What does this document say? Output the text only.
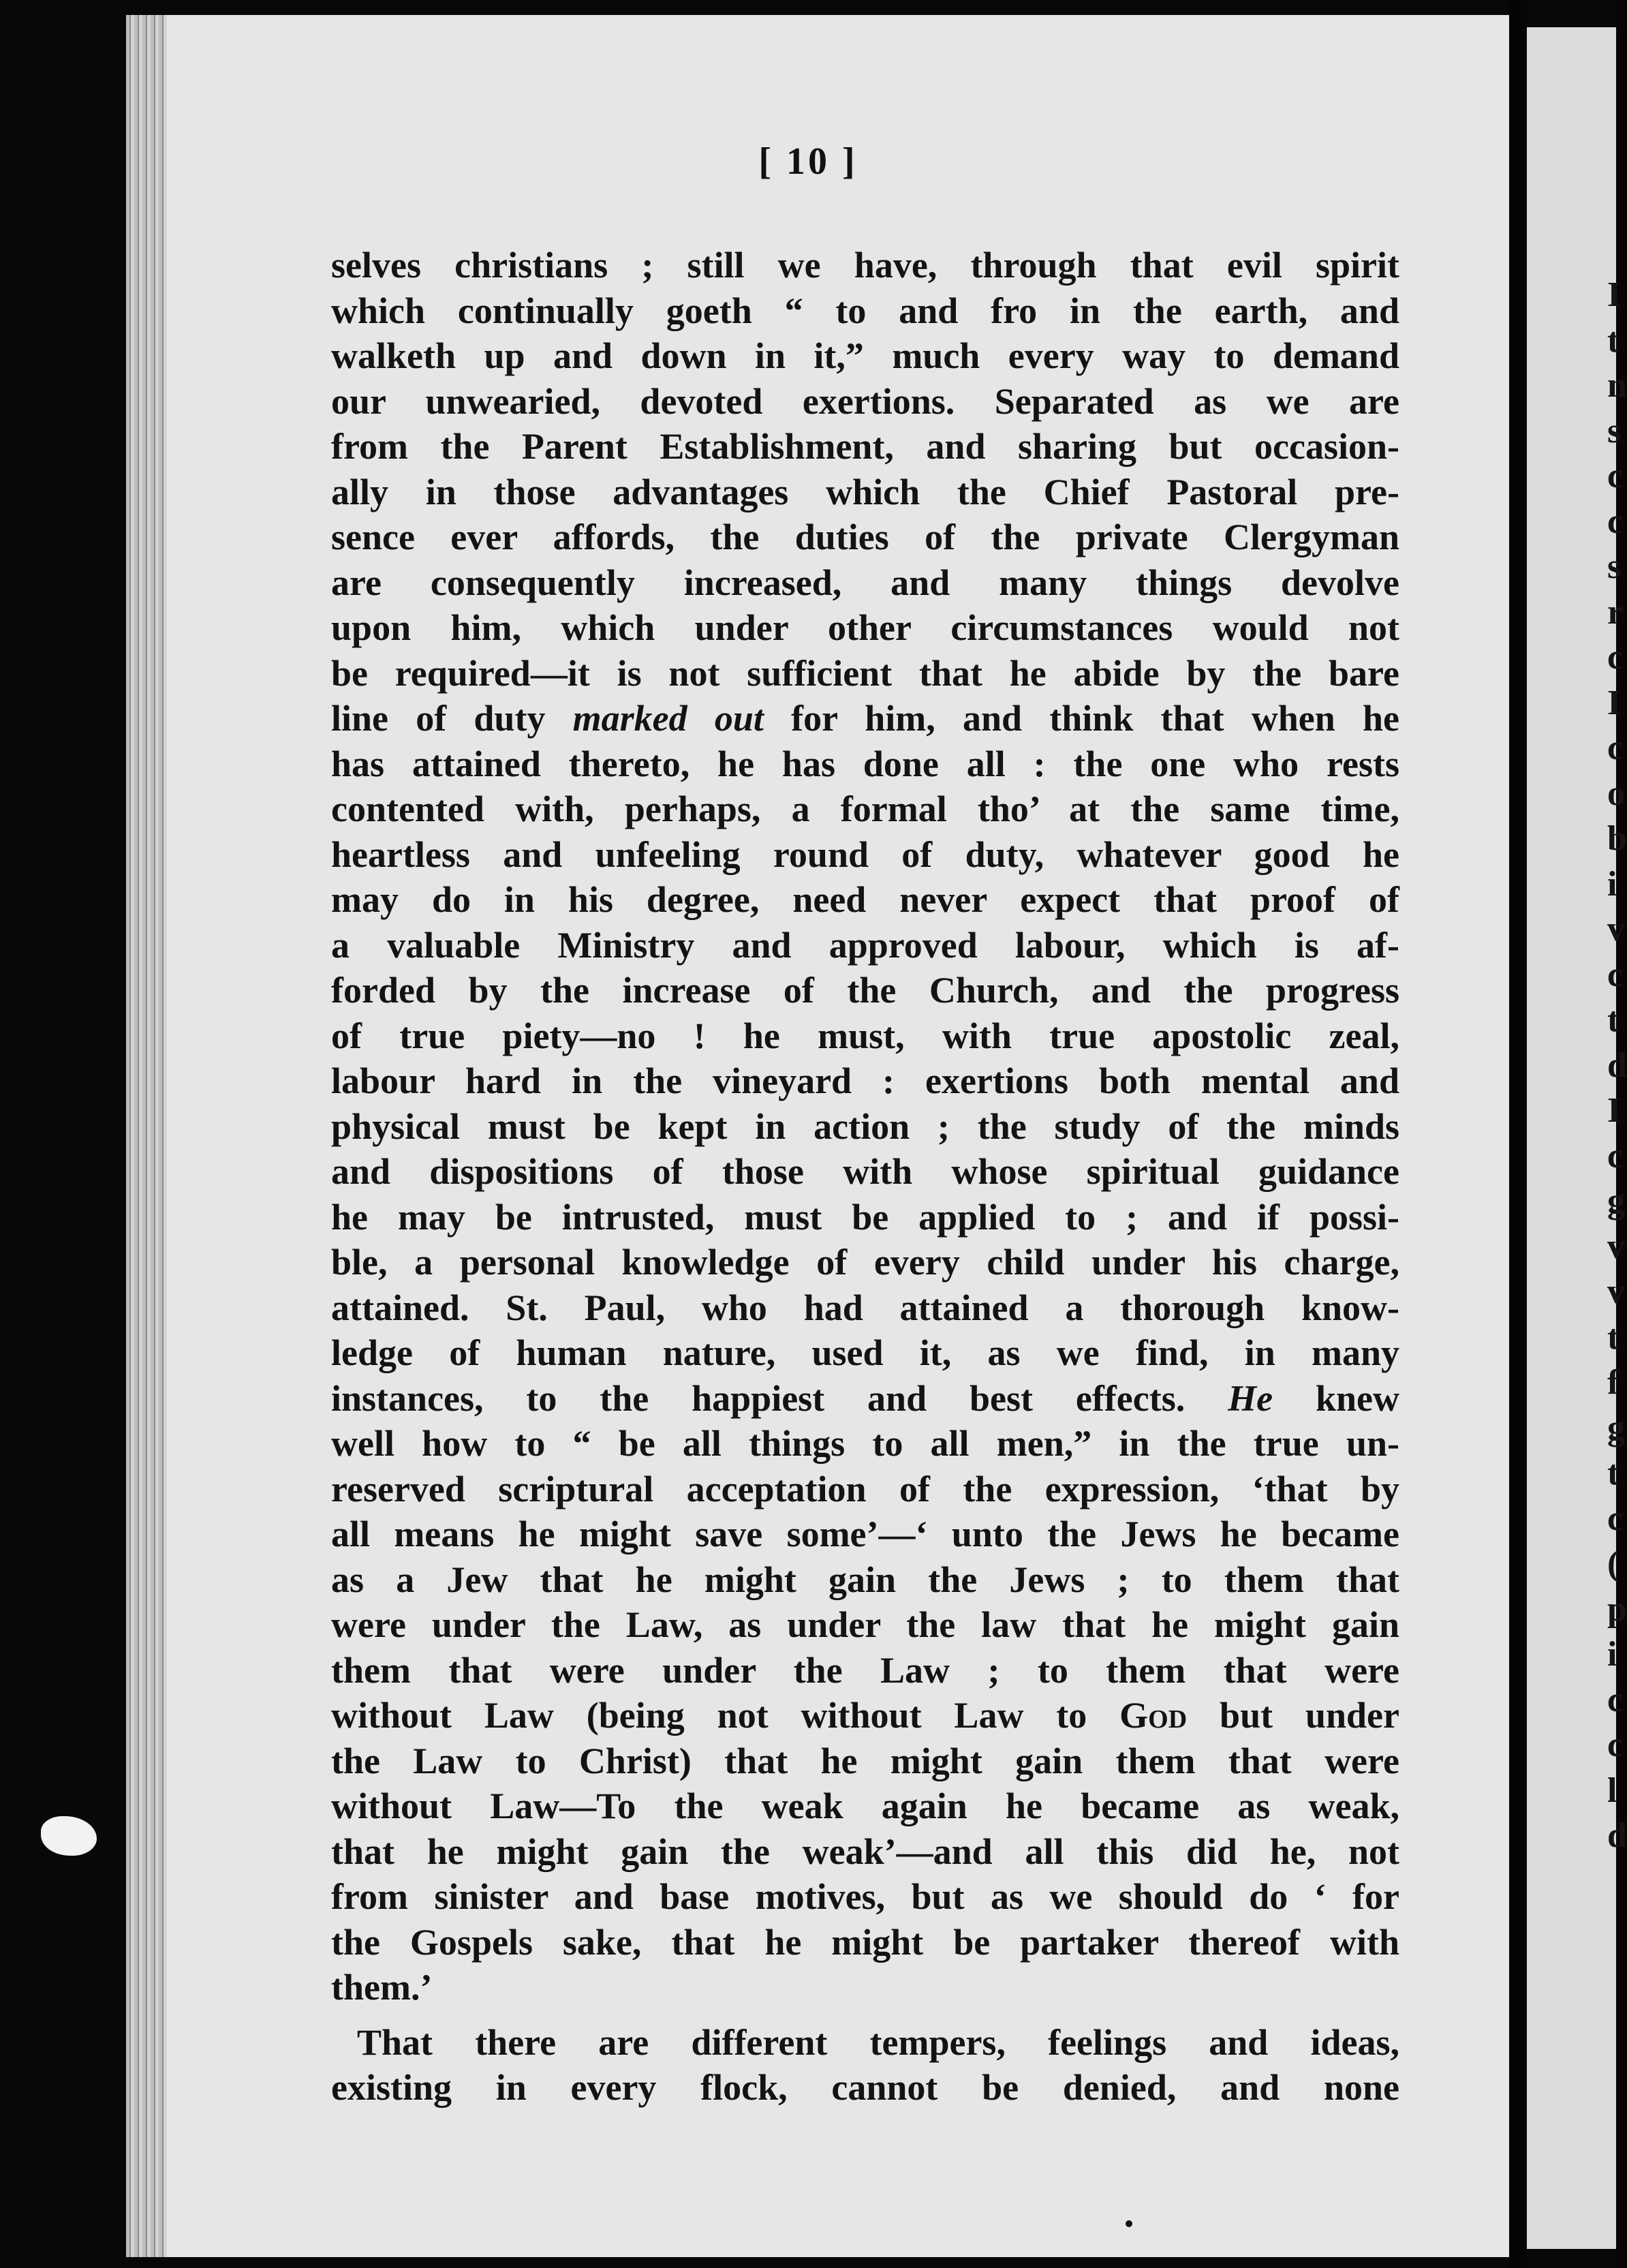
I
t
n
s
c
c
s
r
c
I
c
o
b
i
v
c
t
d
I
c
g
v
v
t
f
g
t
c
(
p
i
c
c
l
d
[ 10 ]
selves christians ; still we have, through that evil spirit
which continually goeth “ to and fro in the earth, and
walketh up and down in it,” much every way to demand
our unwearied, devoted exertions. Separated as we are
from the Parent Establishment, and sharing but occasion-
ally in those advantages which the Chief Pastoral pre-
sence ever affords, the duties of the private Clergyman
are consequently increased, and many things devolve
upon him, which under other circumstances would not
be required—it is not sufficient that he abide by the bare
line of duty marked out for him, and think that when he
has attained thereto, he has done all : the one who rests
contented with, perhaps, a formal tho’ at the same time,
heartless and unfeeling round of duty, whatever good he
may do in his degree, need never expect that proof of
a valuable Ministry and approved labour, which is af-
forded by the increase of the Church, and the progress
of true piety—no ! he must, with true apostolic zeal,
labour hard in the vineyard : exertions both mental and
physical must be kept in action ; the study of the minds
and dispositions of those with whose spiritual guidance
he may be intrusted, must be applied to ; and if possi-
ble, a personal knowledge of every child under his charge,
attained. St. Paul, who had attained a thorough know-
ledge of human nature, used it, as we find, in many
instances, to the happiest and best effects. He knew
well how to “ be all things to all men,” in the true un-
reserved scriptural acceptation of the expression, ‘that by
all means he might save some’—‘ unto the Jews he became
as a Jew that he might gain the Jews ; to them that
were under the Law, as under the law that he might gain
them that were under the Law ; to them that were
without Law (being not without Law to God but under
the Law to Christ) that he might gain them that were
without Law—To the weak again he became as weak,
that he might gain the weak’—and all this did he, not
from sinister and base motives, but as we should do ‘ for
the Gospels sake, that he might be partaker thereof with
them.’
That there are different tempers, feelings and ideas,
existing in every flock, cannot be denied, and none
